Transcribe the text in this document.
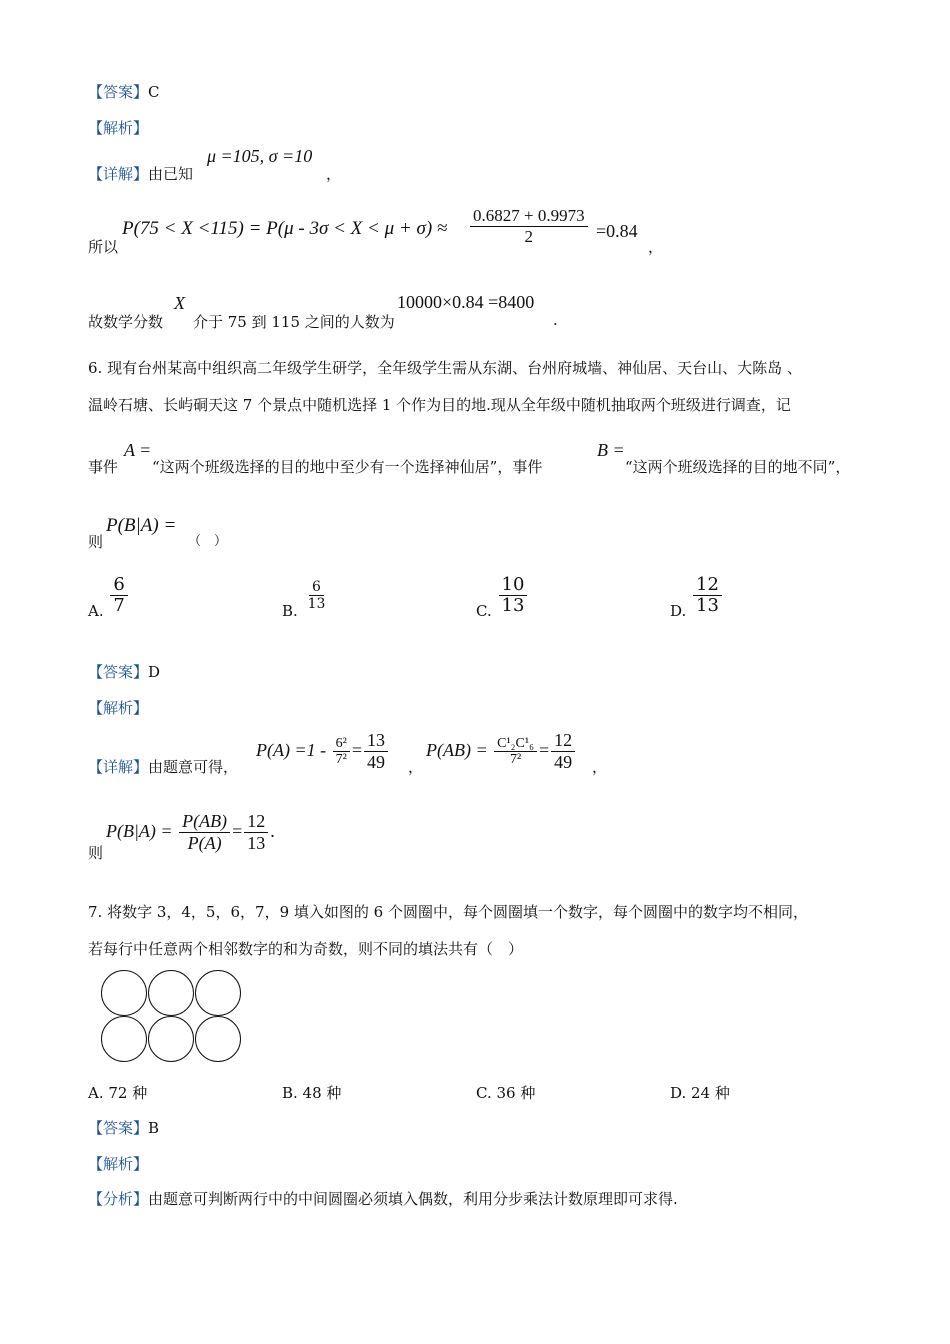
【答案】C
【解析】
【详解】由已知
μ =105, σ =10
，
所以
$P(75 < X <115) = P(\mu - 3\sigma < X < \mu + \sigma) \approx \frac{0.6827 + 0.9973}{2} =0.84$
，
故数学分数
X
介于 75 到 115 之间的人数为
10000×0.84 =8400
.
6. 现有台州某高中组织高二年级学生研学，全年级学生需从东湖、台州府城墙、神仙居、天台山、大陈岛 、
温岭石塘、长屿硐天这 7 个景点中随机选择 1 个作为目的地.现从全年级中随机抽取两个班级进行调查，记
事件
A =
“这两个班级选择的目的地中至少有一个选择神仙居”，事件
B =
“这两个班级选择的目的地不同”，
则
P(B|A) =
（　）
A. $\frac{6}{7}$	B. $\frac{6}{13}$	C. $\frac{10}{13}$	D. $\frac{12}{13}$
【答案】D
【解析】
【详解】由题意可得，
$P(A) =1 - \frac{\text{6²}}{\text{7²}} = \frac{13}{49}$ ，
$P(AB) = \frac{\text{C¹₂C¹₆}}{\text{7²}} = \frac{12}{49}$ ，
则
$P(B|A) = \frac{P(AB)}{P(A)} = \frac{12}{13}$ .
7. 将数字 3，4，5，6，7，9 填入如图的 6 个圆圈中，每个圆圈填一个数字，每个圆圈中的数字均不相同，
若每行中任意两个相邻数字的和为奇数，则不同的填法共有（　）
A. 72 种	B. 48 种	C. 36 种	D. 24 种
【答案】B
【解析】
【分析】由题意可判断两行中的中间圆圈必须填入偶数，利用分步乘法计数原理即可求得.
